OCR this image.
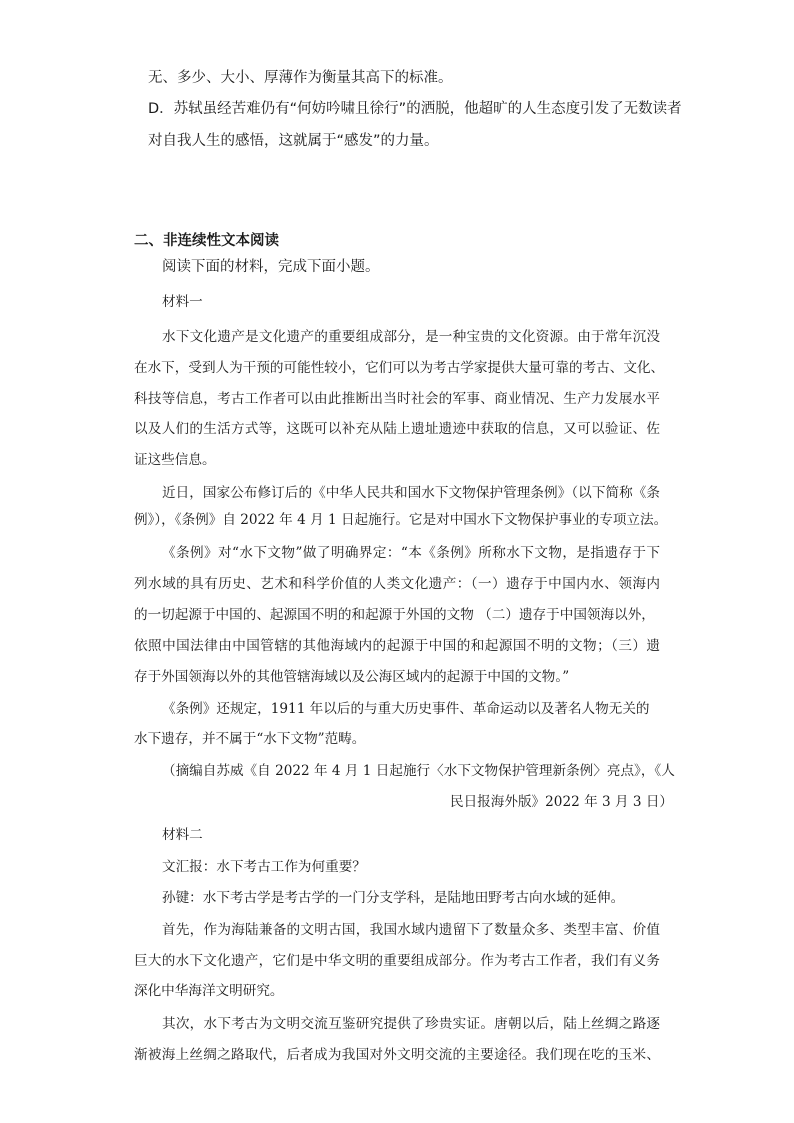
无、多少、大小、厚薄作为衡量其高下的标准。
D．苏轼虽经苦难仍有“何妨吟啸且徐行”的洒脱，他超旷的人生态度引发了无数读者
对自我人生的感悟，这就属于“感发”的力量。
二、非连续性文本阅读
阅读下面的材料，完成下面小题。
材料一
水下文化遗产是文化遗产的重要组成部分，是一种宝贵的文化资源。由于常年沉没
在水下，受到人为干预的可能性较小，它们可以为考古学家提供大量可靠的考古、文化、
科技等信息，考古工作者可以由此推断出当时社会的军事、商业情况、生产力发展水平
以及人们的生活方式等，这既可以补充从陆上遗址遗迹中获取的信息，又可以验证、佐
证这些信息。
近日，国家公布修订后的《中华人民共和国水下文物保护管理条例》（以下简称《条
例》），《条例》自 2022 年 4 月 1 日起施行。它是对中国水下文物保护事业的专项立法。
《条例》对“水下文物”做了明确界定：“本《条例》所称水下文物，是指遗存于下
列水域的具有历史、艺术和科学价值的人类文化遗产：（一）遗存于中国内水、领海内
的一切起源于中国的、起源国不明的和起源于外国的文物 （二）遗存于中国领海以外，
依照中国法律由中国管辖的其他海域内的起源于中国的和起源国不明的文物；（三）遗
存于外国领海以外的其他管辖海域以及公海区域内的起源于中国的文物。”
《条例》还规定，1911 年以后的与重大历史事件、革命运动以及著名人物无关的
水下遗存，并不属于“水下文物”范畴。
（摘编自苏威《自 2022 年 4 月 1 日起施行〈水下文物保护管理新条例〉亮点》，《人
民日报海外版》2022 年 3 月 3 日）
材料二
文汇报：水下考古工作为何重要？
孙键：水下考古学是考古学的一门分支学科，是陆地田野考古向水域的延伸。
首先，作为海陆兼备的文明古国，我国水域内遗留下了数量众多、类型丰富、价值
巨大的水下文化遗产，它们是中华文明的重要组成部分。作为考古工作者，我们有义务
深化中华海洋文明研究。
其次，水下考古为文明交流互鉴研究提供了珍贵实证。唐朝以后，陆上丝绸之路逐
渐被海上丝绸之路取代，后者成为我国对外文明交流的主要途径。我们现在吃的玉米、
